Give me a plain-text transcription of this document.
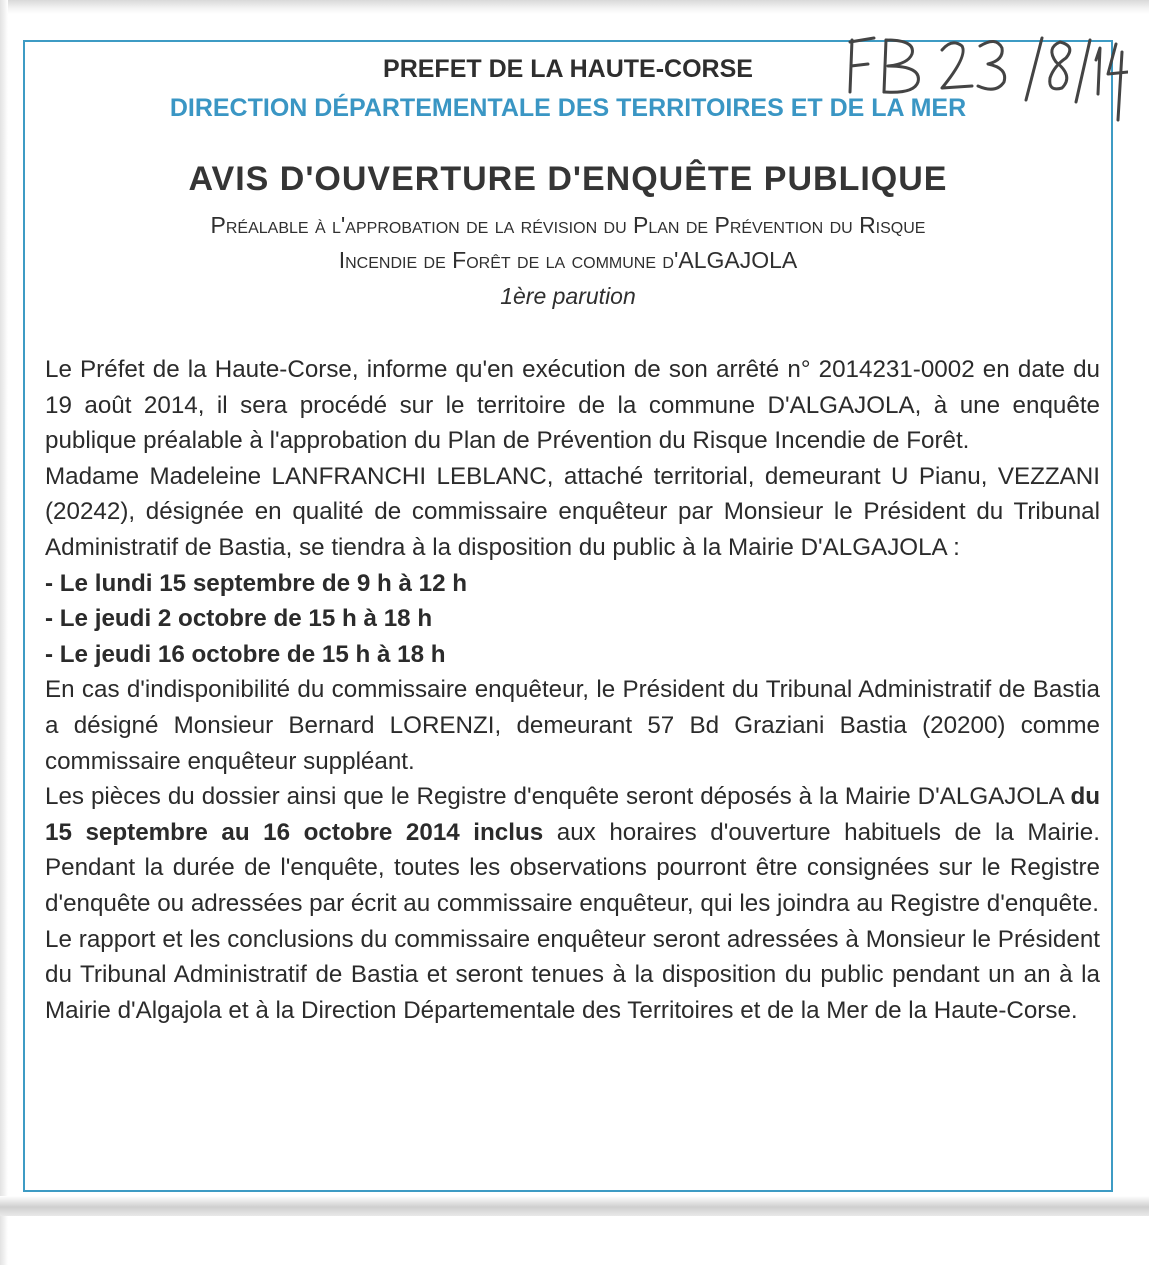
PREFET DE LA HAUTE-CORSE
DIRECTION DÉPARTEMENTALE DES TERRITOIRES ET DE LA MER
AVIS D'OUVERTURE D'ENQUÊTE PUBLIQUE
Préalable à l'approbation de la révision du Plan de Prévention du Risque
Incendie de Forêt de la commune d'ALGAJOLA
1ère parution

Le Préfet de la Haute-Corse, informe qu'en exécution de son arrêté n° 2014231-0002 en date du 19 août 2014, il sera procédé sur le territoire de la commune D'ALGAJOLA, à une enquête publique préalable à l'approbation du Plan de Prévention du Risque Incendie de Forêt.

Madame Madeleine LANFRANCHI LEBLANC, attaché territorial, demeurant U Pianu, VEZZANI (20242), désignée en qualité de commissaire enquêteur par Monsieur le Président du Tribunal Administratif de Bastia, se tiendra à la disposition du public à la Mairie D'ALGAJOLA :

- Le lundi 15 septembre de 9 h à 12 h

- Le jeudi 2 octobre de 15 h à 18 h

- Le jeudi 16 octobre de 15 h à 18 h

En cas d'indisponibilité du commissaire enquêteur, le Président du Tribunal Administratif de Bastia a désigné Monsieur Bernard LORENZI, demeurant 57 Bd Graziani Bastia (20200) comme commissaire enquêteur suppléant.

Les pièces du dossier ainsi que le Registre d'enquête seront déposés à la Mairie D'ALGAJOLA du 15 septembre au 16 octobre 2014 inclus aux horaires d'ouverture habituels de la Mairie. Pendant la durée de l'enquête, toutes les observations pourront être consignées sur le Registre d'enquête ou adressées par écrit au commissaire enquêteur, qui les joindra au Registre d'enquête.

Le rapport et les conclusions du commissaire enquêteur seront adressées à Monsieur le Président du Tribunal Administratif de Bastia et seront tenues à la disposition du public pendant un an à la Mairie d'Algajola et à la Direction Départementale des Territoires et de la Mer de la Haute-Corse.
